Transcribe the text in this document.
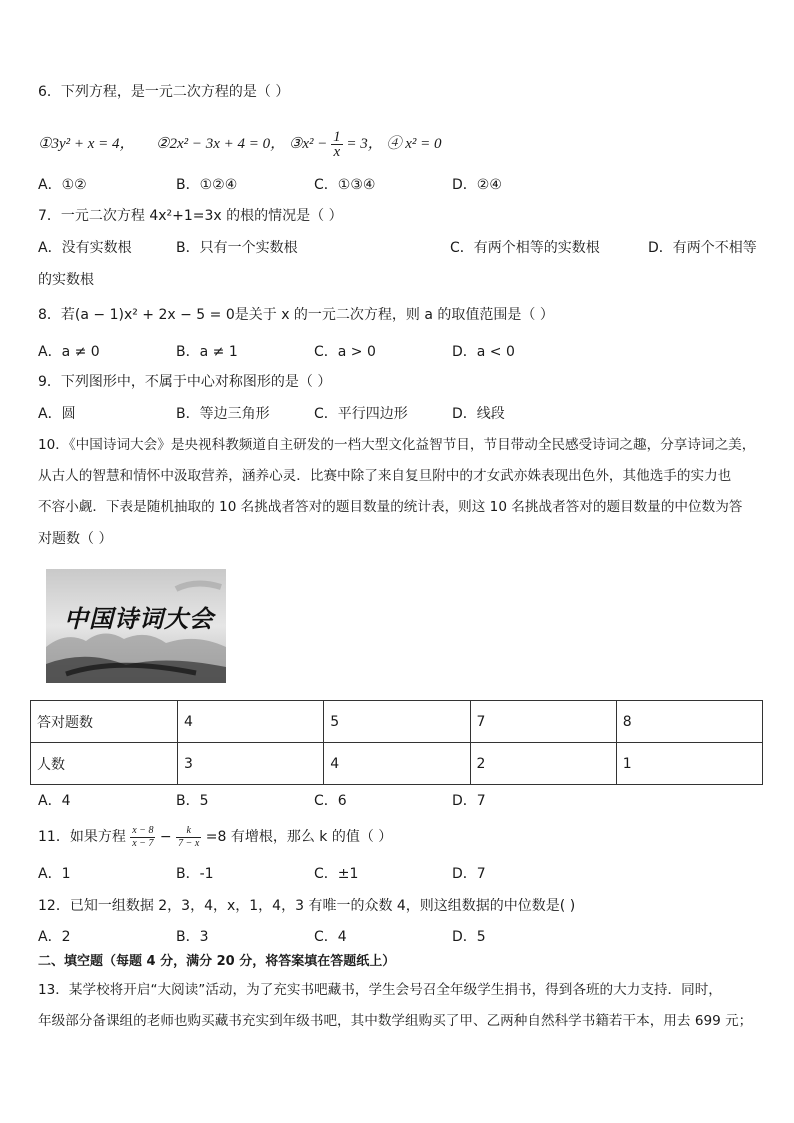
6．下列方程，是一元二次方程的是（ ）
①3y² + x = 4， ②2x² − 3x + 4 = 0， ③x² − $\frac{1}{x} = 3$， ④ x² = 0
A．①②	B．①②④	C．①③④	D．②④
7．一元二次方程 4x²+1=3x 的根的情况是（ ）
A．没有实数根	B．只有一个实数根	C．有两个相等的实数根	D．有两个不相等
的实数根
8．若(a − 1)x² + 2x − 5 = 0是关于 x 的一元二次方程，则 a 的取值范围是（ ）
A．a ≠ 0	B．a ≠ 1	C．a > 0	D．a < 0
9．下列图形中，不属于中心对称图形的是（ ）
A．圆	B．等边三角形	C．平行四边形	D．线段
10．《中国诗词大会》是央视科教频道自主研发的一档大型文化益智节目，节目带动全民感受诗词之趣，分享诗词之美，
从古人的智慧和情怀中汲取营养，涵养心灵．比赛中除了来自复旦附中的才女武亦姝表现出色外，其他选手的实力也
不容小觑．下表是随机抽取的 10 名挑战者答对的题目数量的统计表，则这 10 名挑战者答对的题目数量的中位数为答
对题数（ ）
中国诗词大会
答对题数	4	5	7	8
人数	3	4	2	1
A．4	B．5	C．6	D．7
11．如果方程 $\frac{x - 8}{x - 7} - \frac{k}{7 - x} =8$ 有增根，那么 k 的值（ ）
A．1	B．-1	C．±1	D．7
12．已知一组数据 2，3，4，x，1，4，3 有唯一的众数 4，则这组数据的中位数是( )
A．2	B．3	C．4	D．5
二、填空题（每题 4 分，满分 20 分，将答案填在答题纸上）
13．某学校将开启“大阅读”活动，为了充实书吧藏书，学生会号召全年级学生捐书，得到各班的大力支持．同时，
年级部分备课组的老师也购买藏书充实到年级书吧，其中数学组购买了甲、乙两种自然科学书籍若干本，用去 699 元；
